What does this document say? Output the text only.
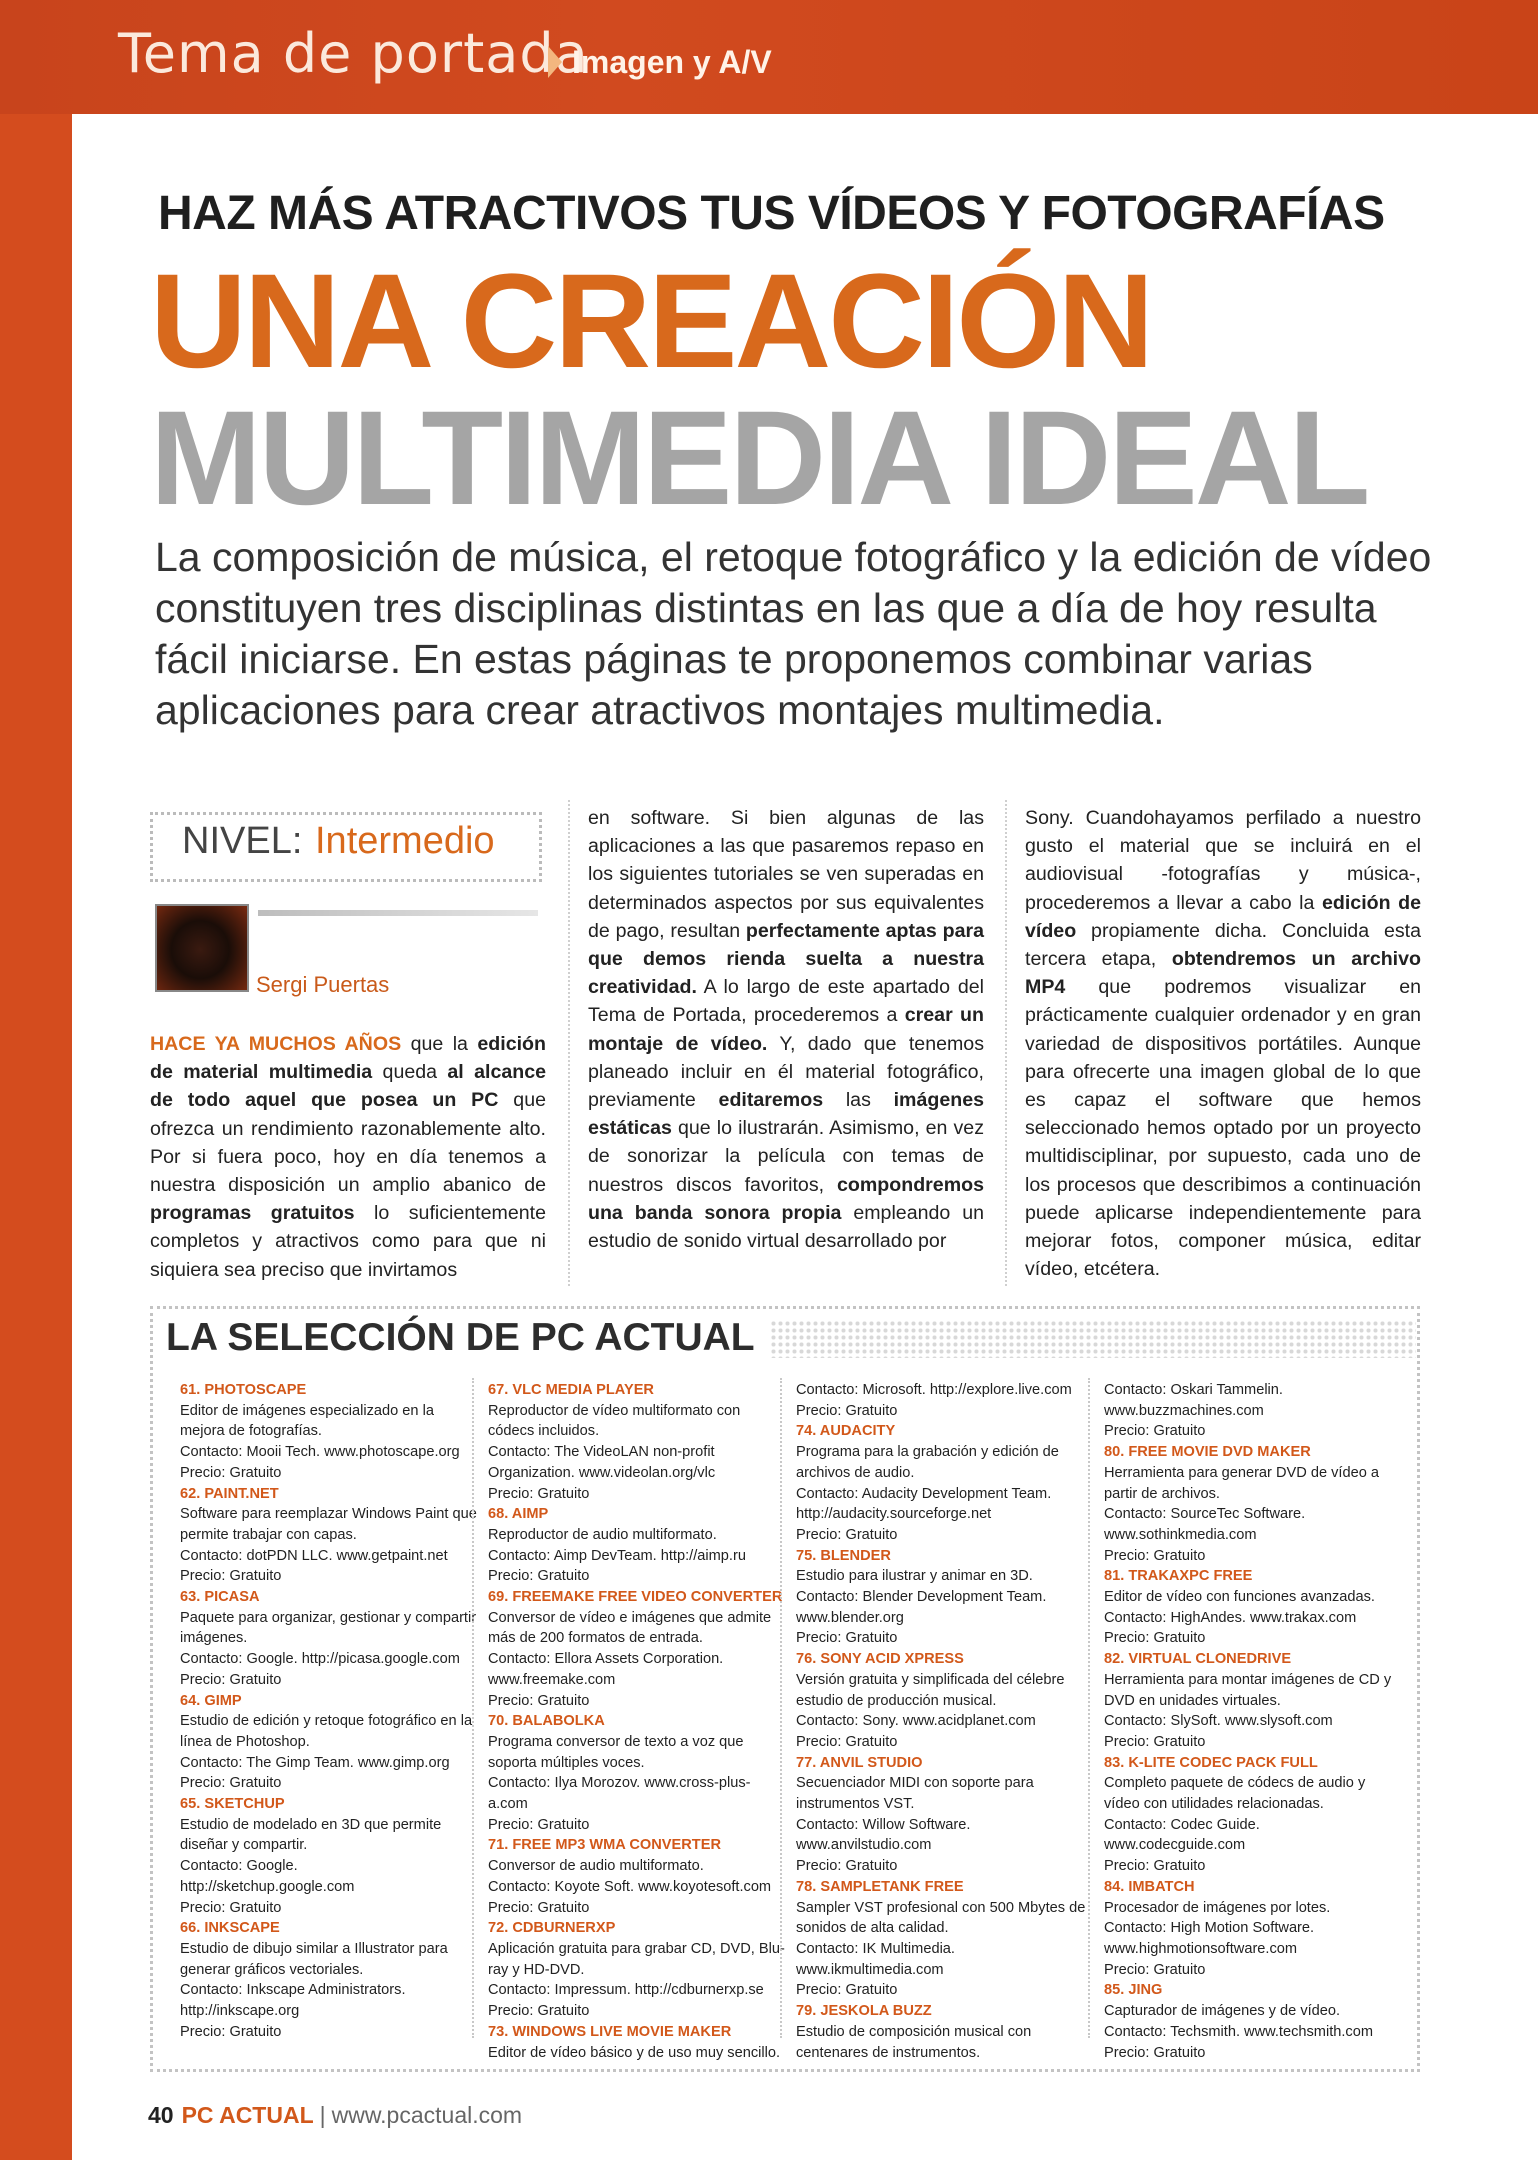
Tema de portada
Imagen y A/V
HAZ MÁS ATRACTIVOS TUS VÍDEOS Y FOTOGRAFÍAS
UNA CREACIÓN
MULTIMEDIA IDEAL
La composición de música, el retoque fotográfico y la edición de vídeo constituyen tres disciplinas distintas en las que a día de hoy resulta fácil iniciarse. En estas páginas te proponemos combinar varias aplicaciones para crear atractivos montajes multimedia.
NIVEL: Intermedio
Sergi Puertas
HACE YA MUCHOS AÑOS que la edición de material multimedia queda al alcance de todo aquel que posea un PC que ofrezca un rendimiento razonablemente alto. Por si fuera poco, hoy en día tenemos a nuestra disposición un amplio abanico de programas gratuitos lo suficientemente completos y atractivos como para que ni siquiera sea preciso que invirtamos
en software. Si bien algunas de las aplicaciones a las que pasaremos repaso en los siguientes tutoriales se ven superadas en determinados aspectos por sus equivalentes de pago, resultan perfectamente aptas para que demos rienda suelta a nuestra creatividad. A lo largo de este apartado del Tema de Portada, procederemos a crear un montaje de vídeo. Y, dado que tenemos planeado incluir en él material fotográfico, previamente editaremos las imágenes estáticas que lo ilustrarán. Asimismo, en vez de sonorizar la película con temas de nuestros discos favoritos, compondremos una banda sonora propia empleando un estudio de sonido virtual desarrollado por
Sony. Cuandohayamos perfilado a nuestro gusto el material que se incluirá en el audiovisual -fotografías y música-, procederemos a llevar a cabo la edición de vídeo propiamente dicha. Concluida esta tercera etapa, obtendremos un archivo MP4 que podremos visualizar en prácticamente cualquier ordenador y en gran variedad de dispositivos portátiles. Aunque para ofrecerte una imagen global de lo que es capaz el software que hemos seleccionado hemos optado por un proyecto multidisciplinar, por supuesto, cada uno de los procesos que describimos a continuación puede aplicarse independientemente para mejorar fotos, componer música, editar vídeo, etcétera.
LA SELECCIÓN DE PC ACTUAL
61. PHOTOSCAPE
Editor de imágenes especializado en la mejora de fotografías.
Contacto: Mooii Tech. www.photoscape.org
Precio: Gratuito
62. PAINT.NET
Software para reemplazar Windows Paint que permite trabajar con capas.
Contacto: dotPDN LLC. www.getpaint.net
Precio: Gratuito
63. PICASA
Paquete para organizar, gestionar y compartir imágenes.
Contacto: Google. http://picasa.google.com
Precio: Gratuito
64. GIMP
Estudio de edición y retoque fotográfico en la línea de Photoshop.
Contacto: The Gimp Team. www.gimp.org
Precio: Gratuito
65. SKETCHUP
Estudio de modelado en 3D que permite diseñar y compartir.
Contacto: Google.
http://sketchup.google.com
Precio: Gratuito
66. INKSCAPE
Estudio de dibujo similar a Illustrator para generar gráficos vectoriales.
Contacto: Inkscape Administrators.
http://inkscape.org
Precio: Gratuito
67. VLC MEDIA PLAYER
Reproductor de vídeo multiformato con códecs incluidos.
Contacto: The VideoLAN non-profit Organization. www.videolan.org/vlc
Precio: Gratuito
68. AIMP
Reproductor de audio multiformato.
Contacto: Aimp DevTeam. http://aimp.ru
Precio: Gratuito
69. FREEMAKE FREE VIDEO CONVERTER
Conversor de vídeo e imágenes que admite más de 200 formatos de entrada.
Contacto: Ellora Assets Corporation.
www.freemake.com
Precio: Gratuito
70. BALABOLKA
Programa conversor de texto a voz que soporta múltiples voces.
Contacto: Ilya Morozov. www.cross-plus-a.com
Precio: Gratuito
71. FREE MP3 WMA CONVERTER
Conversor de audio multiformato.
Contacto: Koyote Soft. www.koyotesoft.com
Precio: Gratuito
72. CDBURNERXP
Aplicación gratuita para grabar CD, DVD, Blu-ray y HD-DVD.
Contacto: Impressum. http://cdburnerxp.se
Precio: Gratuito
73. WINDOWS LIVE MOVIE MAKER
Editor de vídeo básico y de uso muy sencillo.
Contacto: Microsoft. http://explore.live.com
Precio: Gratuito
74. AUDACITY
Programa para la grabación y edición de archivos de audio.
Contacto: Audacity Development Team.
http://audacity.sourceforge.net
Precio: Gratuito
75. BLENDER
Estudio para ilustrar y animar en 3D.
Contacto: Blender Development Team.
www.blender.org
Precio: Gratuito
76. SONY ACID XPRESS
Versión gratuita y simplificada del célebre estudio de producción musical.
Contacto: Sony. www.acidplanet.com
Precio: Gratuito
77. ANVIL STUDIO
Secuenciador MIDI con soporte para instrumentos VST.
Contacto: Willow Software. www.anvilstudio.com
Precio: Gratuito
78. SAMPLETANK FREE
Sampler VST profesional con 500 Mbytes de sonidos de alta calidad.
Contacto: IK Multimedia.
www.ikmultimedia.com
Precio: Gratuito
79. JESKOLA BUZZ
Estudio de composición musical con centenares de instrumentos.
Contacto: Oskari Tammelin.
www.buzzmachines.com
Precio: Gratuito
80. FREE MOVIE DVD MAKER
Herramienta para generar DVD de vídeo a partir de archivos.
Contacto: SourceTec Software.
www.sothinkmedia.com
Precio: Gratuito
81. TRAKAXPC FREE
Editor de vídeo con funciones avanzadas.
Contacto: HighAndes. www.trakax.com
Precio: Gratuito
82. VIRTUAL CLONEDRIVE
Herramienta para montar imágenes de CD y DVD en unidades virtuales.
Contacto: SlySoft. www.slysoft.com
Precio: Gratuito
83. K-LITE CODEC PACK FULL
Completo paquete de códecs de audio y vídeo con utilidades relacionadas.
Contacto: Codec Guide. www.codecguide.com
Precio: Gratuito
84. IMBATCH
Procesador de imágenes por lotes.
Contacto: High Motion Software.
www.highmotionsoftware.com
Precio: Gratuito
85. JING
Capturador de imágenes y de vídeo.
Contacto: Techsmith. www.techsmith.com
Precio: Gratuito
40 PC ACTUAL | www.pcactual.com
